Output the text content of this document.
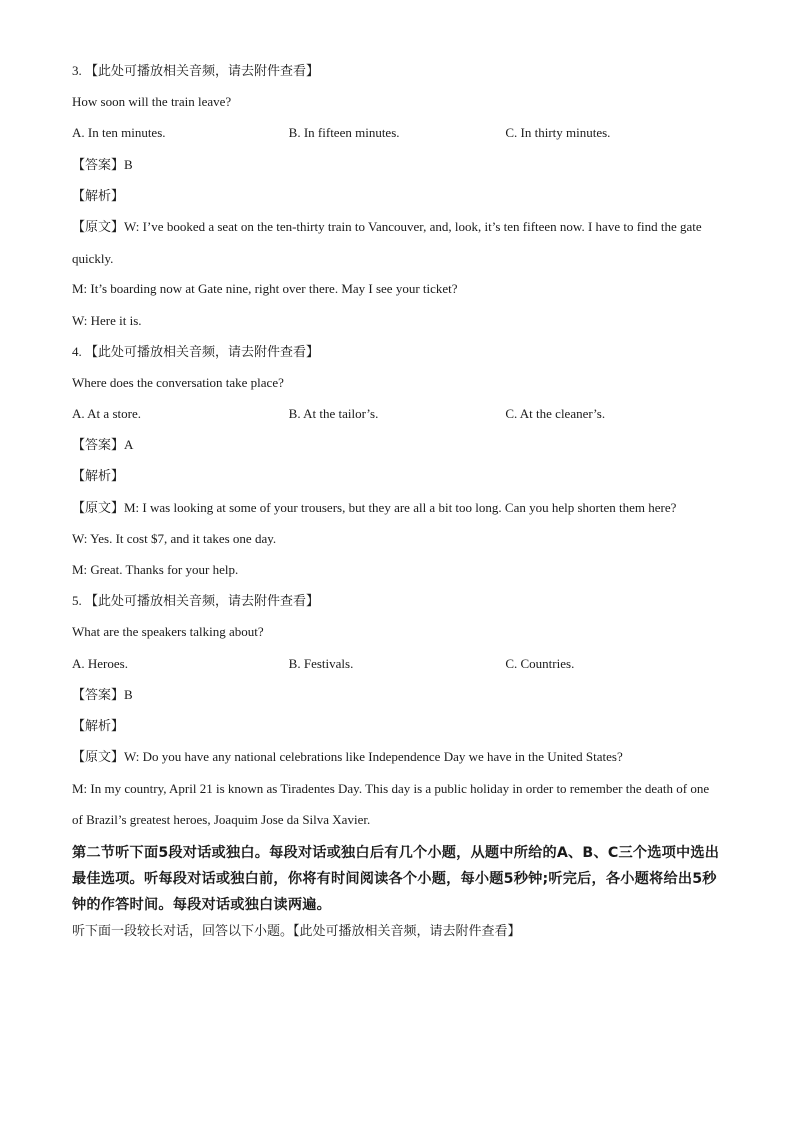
3. 【此处可播放相关音频，请去附件查看】
How soon will the train leave?
A. In ten minutes.	B. In fifteen minutes.	C. In thirty minutes.
【答案】B
【解析】
【原文】W: I’ve booked a seat on the ten-thirty train to Vancouver, and, look, it’s ten fifteen now. I have to find the gate quickly.
M: It’s boarding now at Gate nine, right over there. May I see your ticket?
W: Here it is.
4. 【此处可播放相关音频，请去附件查看】
Where does the conversation take place?
A. At a store.	B. At the tailor’s.	C. At the cleaner’s.
【答案】A
【解析】
【原文】M: I was looking at some of your trousers, but they are all a bit too long. Can you help shorten them here?
W: Yes. It cost $7, and it takes one day.
M: Great. Thanks for your help.
5. 【此处可播放相关音频，请去附件查看】
What are the speakers talking about?
A. Heroes.	B. Festivals.	C. Countries.
【答案】B
【解析】
【原文】W: Do you have any national celebrations like Independence Day we have in the United States?
M: In my country, April 21 is known as Tiradentes Day. This day is a public holiday in order to remember the death of one of Brazil’s greatest heroes, Joaquim Jose da Silva Xavier.
第二节听下面5段对话或独白。每段对话或独白后有几个小题，从题中所给的A、B、C三个选项中选出最佳选项。听每段对话或独白前，你将有时间阅读各个小题，每小题5秒钟;听完后，各小题将给出5秒钟的作答时间。每段对话或独白读两遍。
听下面一段较长对话，回答以下小题。【此处可播放相关音频，请去附件查看】
